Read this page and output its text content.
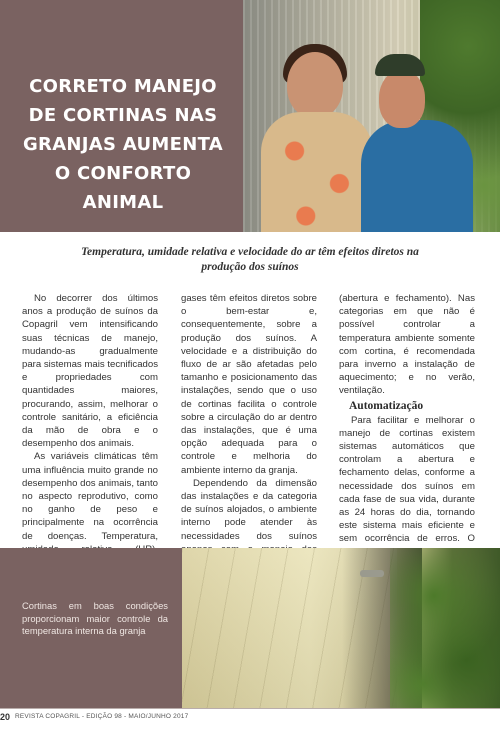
CORRETO MANEJO DE CORTINAS NAS GRANJAS AUMENTA O CONFORTO ANIMAL

Temperatura, umidade relativa e velocidade do ar têm efeitos diretos na produção dos suínos

No decorrer dos últimos anos a produção de suínos da Copagril vem intensificando suas técnicas de manejo, mudando-as gradualmente para sistemas mais tecnificados e propriedades com quantidades maiores, procurando, assim, melhorar o controle sanitário, a eficiência da mão de obra e o desempenho dos animais.

As variáveis climáticas têm uma influência muito grande no desempenho dos animais, tanto no aspecto reprodutivo, como no ganho de peso e principalmente na ocorrência de doenças. Temperatura,

gases têm efeitos diretos sobre o bem-estar e, consequentemente, sobre a produção dos suínos. A velocidade e a distribuição do fluxo de ar são afetadas pelo tamanho e posicionamento das instalações, sendo que o uso de cortinas facilita o controle sobre a circulação do ar dentro das instalações, que é uma opção adequada para o controle e melhoria do ambiente interno da granja.

Dependendo da dimensão das instalações e da categoria de suínos alojados, o ambiente interno pode atender às necessidades dos suínos

(abertura e fechamento). Nas categorias em que não é possível controlar a temperatura ambiente somente com cortina, é recomendada para inverno a instalação de aquecimento; e no verão, ventilação.

Automatização

Para facilitar e melhorar o manejo de cortinas existem sistemas automáticos que controlam a abertura e fechamento delas, conforme a necessidade dos suínos em cada fase de sua vida, durante as 24 horas do dia, tornando este sistema mais eficiente e sem ocorrência de erros. O

Cortinas em boas condições proporcionam maior controle da temperatura interna da granja

20 REVISTA COPAGRIL - EDIÇÃO 98 - MAIO/JUNHO 2017
